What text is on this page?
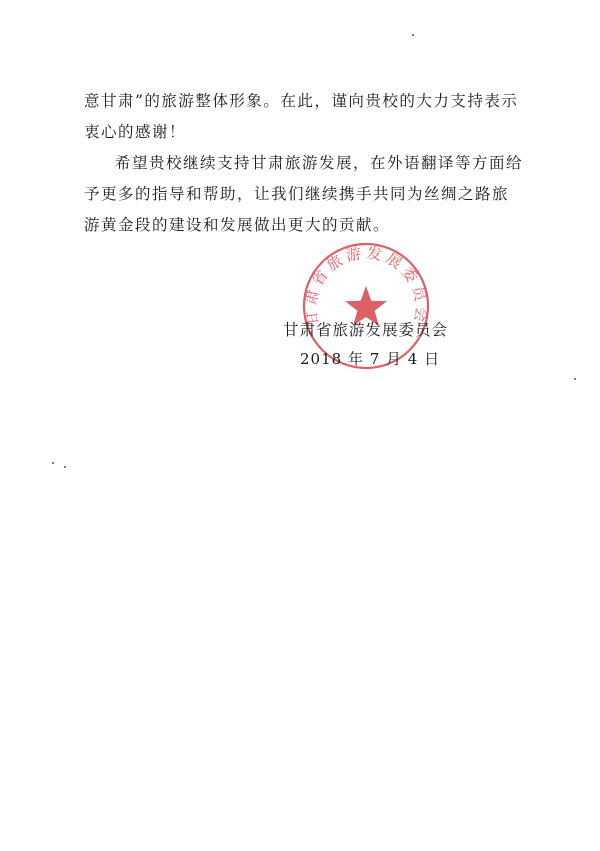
意甘肃”的旅游整体形象。在此，谨向贵校的大力支持表示衷心的感谢！

希望贵校继续支持甘肃旅游发展，在外语翻译等方面给予更多的指导和帮助，让我们继续携手共同为丝绸之路旅游黄金段的建设和发展做出更大的贡献。

甘肃省旅游发展委员会
甘肃省旅游发展委员会
2018 年 7 月 4 日
